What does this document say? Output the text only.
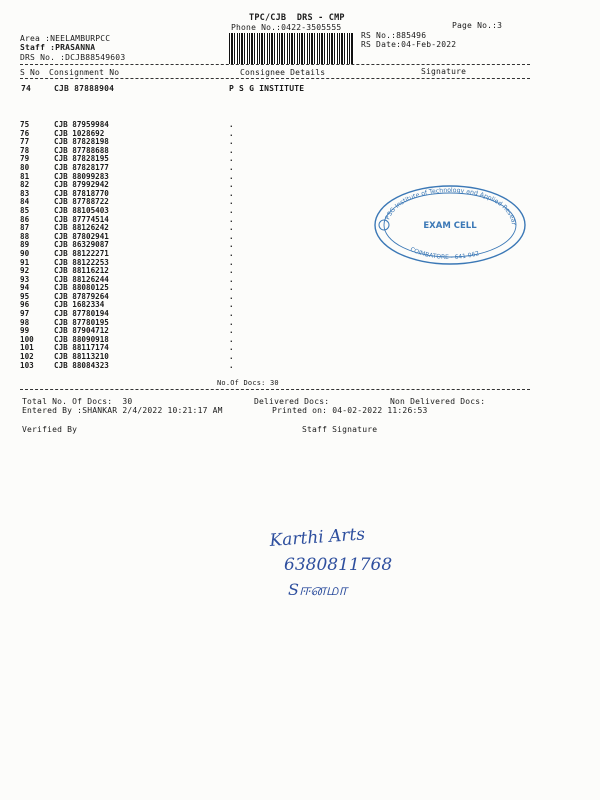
TPC/CJB  DRS - CMP
Phone No.:0422-3505555	Page No.:3
Area :NEELAMBURPCC
Staff :PRASANNA
DRS No. :DCJB88549603
RS No.:885496
RS Date:04-Feb-2022
S No Consignment No	Consignee Details	Signature
74	CJB 87888904	P S G INSTITUTE
75	CJB 87959984	.
76	CJB 1028692	.
77	CJB 87828198	.
78	CJB 87788688	.
79	CJB 87828195	.
80	CJB 87828177	.
81	CJB 88099283	.
82	CJB 87992942	.
83	CJB 87818770	.
84	CJB 87788722	.
85	CJB 88105403	.
86	CJB 87774514	.
87	CJB 88126242	.
88	CJB 87802941	.
89	CJB 86329087	.
90	CJB 88122271	.
91	CJB 88122253	.
92	CJB 88116212	.
93	CJB 88126244	.
94	CJB 88080125	.
95	CJB 87879264	.
96	CJB 1682334	.
97	CJB 87780194	.
98	CJB 87780195	.
99	CJB 87904712	.
100	CJB 88090918	.
101	CJB 88117174	.
102	CJB 88113210	.
103	CJB 88084323	.
No.Of Docs: 30
Total No. Of Docs:  30	Delivered Docs:	Non Delivered Docs:
Entered By :SHANKAR 2/4/2022 10:21:17 AM	Printed on: 04-02-2022 11:26:53
Verified By	Staff Signature
PSG Institute of Technology and Applied Resear
EXAM CELL
COIMBATORE - 641 062
Karthi Arts
6380811768
Sஈனமா
